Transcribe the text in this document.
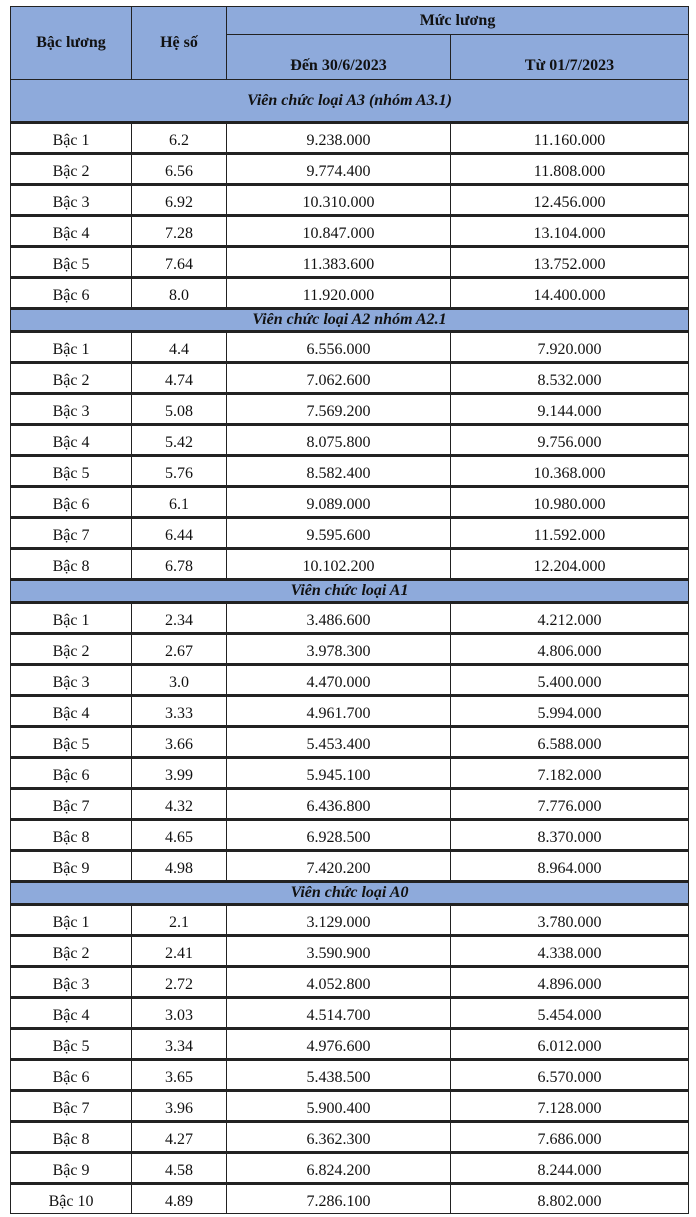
Bậc lương	Hệ số	Mức lương	
		Đến 30/6/2023	Từ 01/7/2023
Viên chức loại A3 (nhóm A3.1)			
Bậc 1	6.2	9.238.000	11.160.000
Bậc 2	6.56	9.774.400	11.808.000
Bậc 3	6.92	10.310.000	12.456.000
Bậc 4	7.28	10.847.000	13.104.000
Bậc 5	7.64	11.383.600	13.752.000
Bậc 6	8.0	11.920.000	14.400.000
Viên chức loại A2 nhóm A2.1			
Bậc 1	4.4	6.556.000	7.920.000
Bậc 2	4.74	7.062.600	8.532.000
Bậc 3	5.08	7.569.200	9.144.000
Bậc 4	5.42	8.075.800	9.756.000
Bậc 5	5.76	8.582.400	10.368.000
Bậc 6	6.1	9.089.000	10.980.000
Bậc 7	6.44	9.595.600	11.592.000
Bậc 8	6.78	10.102.200	12.204.000
Viên chức loại A1			
Bậc 1	2.34	3.486.600	4.212.000
Bậc 2	2.67	3.978.300	4.806.000
Bậc 3	3.0	4.470.000	5.400.000
Bậc 4	3.33	4.961.700	5.994.000
Bậc 5	3.66	5.453.400	6.588.000
Bậc 6	3.99	5.945.100	7.182.000
Bậc 7	4.32	6.436.800	7.776.000
Bậc 8	4.65	6.928.500	8.370.000
Bậc 9	4.98	7.420.200	8.964.000
Viên chức loại A0			
Bậc 1	2.1	3.129.000	3.780.000
Bậc 2	2.41	3.590.900	4.338.000
Bậc 3	2.72	4.052.800	4.896.000
Bậc 4	3.03	4.514.700	5.454.000
Bậc 5	3.34	4.976.600	6.012.000
Bậc 6	3.65	5.438.500	6.570.000
Bậc 7	3.96	5.900.400	7.128.000
Bậc 8	4.27	6.362.300	7.686.000
Bậc 9	4.58	6.824.200	8.244.000
Bậc 10	4.89	7.286.100	8.802.000
